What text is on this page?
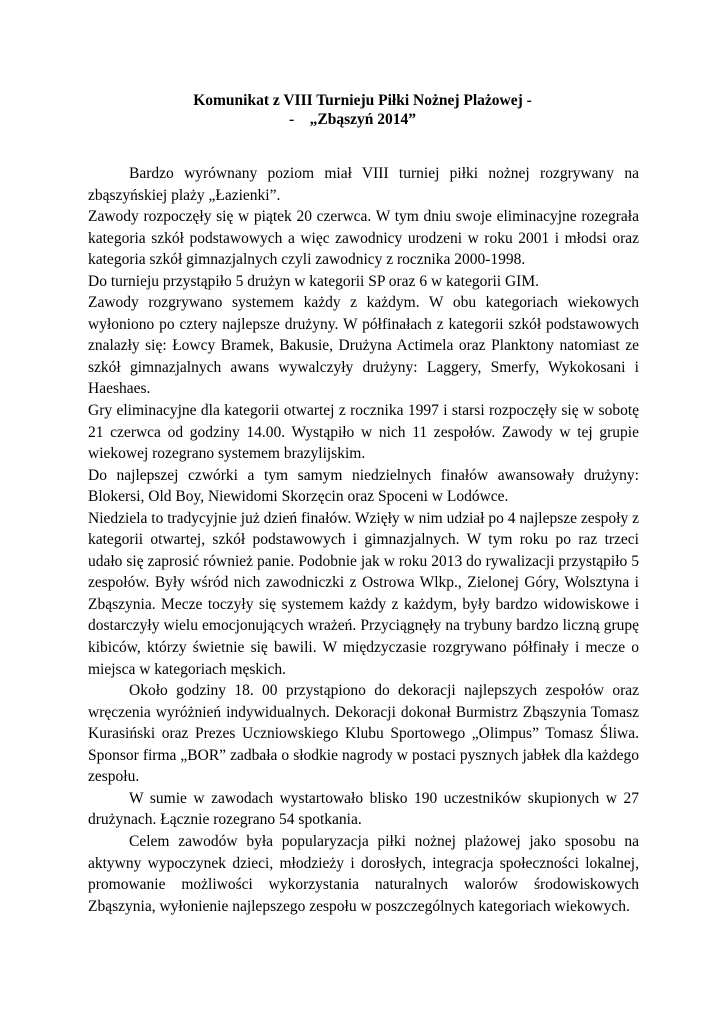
Komunikat z VIII Turnieju Piłki Nożnej Plażowej -
-    „Zbąszyń 2014”

Bardzo wyrównany poziom miał VIII turniej piłki nożnej rozgrywany na zbąszyńskiej plaży „Łazienki”.

Zawody rozpoczęły się w piątek 20 czerwca. W tym dniu swoje eliminacyjne rozegrała kategoria szkół podstawowych a więc zawodnicy urodzeni w roku 2001 i młodsi oraz kategoria szkół gimnazjalnych czyli zawodnicy z rocznika 2000-1998.

Do turnieju przystąpiło 5 drużyn w kategorii SP oraz 6 w kategorii GIM.

Zawody rozgrywano systemem każdy z każdym. W obu kategoriach wiekowych wyłoniono po cztery najlepsze drużyny. W półfinałach z kategorii szkół podstawowych znalazły się: Łowcy Bramek, Bakusie, Drużyna Actimela oraz Planktony natomiast ze szkół gimnazjalnych awans wywalczyły drużyny: Laggery, Smerfy, Wykokosani i Haeshaes.

Gry eliminacyjne dla kategorii otwartej z rocznika 1997 i starsi rozpoczęły się w sobotę 21 czerwca od godziny 14.00. Wystąpiło w nich 11 zespołów. Zawody w tej grupie wiekowej rozegrano systemem brazylijskim.

Do najlepszej czwórki a tym samym niedzielnych finałów awansowały drużyny: Blokersi, Old Boy, Niewidomi Skorzęcin oraz Spoceni w Lodówce.

Niedziela to tradycyjnie już dzień finałów. Wzięły w nim udział po 4 najlepsze zespoły z kategorii otwartej, szkół podstawowych i gimnazjalnych. W tym roku po raz trzeci udało się zaprosić również panie. Podobnie jak w roku 2013 do rywalizacji przystąpiło 5 zespołów. Były wśród nich zawodniczki z Ostrowa Wlkp., Zielonej Góry, Wolsztyna i Zbąszynia. Mecze toczyły się systemem każdy z każdym, były bardzo widowiskowe i dostarczyły wielu emocjonujących wrażeń. Przyciągnęły na trybuny bardzo liczną grupę kibiców, którzy świetnie się bawili. W międzyczasie rozgrywano półfinały i mecze o miejsca w kategoriach męskich.

Około godziny 18. 00 przystąpiono do dekoracji najlepszych zespołów oraz wręczenia wyróżnień indywidualnych. Dekoracji dokonał Burmistrz Zbąszynia Tomasz Kurasiński oraz Prezes Uczniowskiego Klubu Sportowego „Olimpus” Tomasz Śliwa. Sponsor firma „BOR” zadbała o słodkie nagrody w postaci pysznych jabłek dla każdego zespołu.

W sumie w zawodach wystartowało blisko 190 uczestników skupionych w 27 drużynach. Łącznie rozegrano 54 spotkania.

Celem zawodów była popularyzacja piłki nożnej plażowej jako sposobu na aktywny wypoczynek dzieci, młodzieży i dorosłych, integracja społeczności lokalnej, promowanie możliwości wykorzystania naturalnych walorów środowiskowych Zbąszynia, wyłonienie najlepszego zespołu w poszczególnych kategoriach wiekowych.
